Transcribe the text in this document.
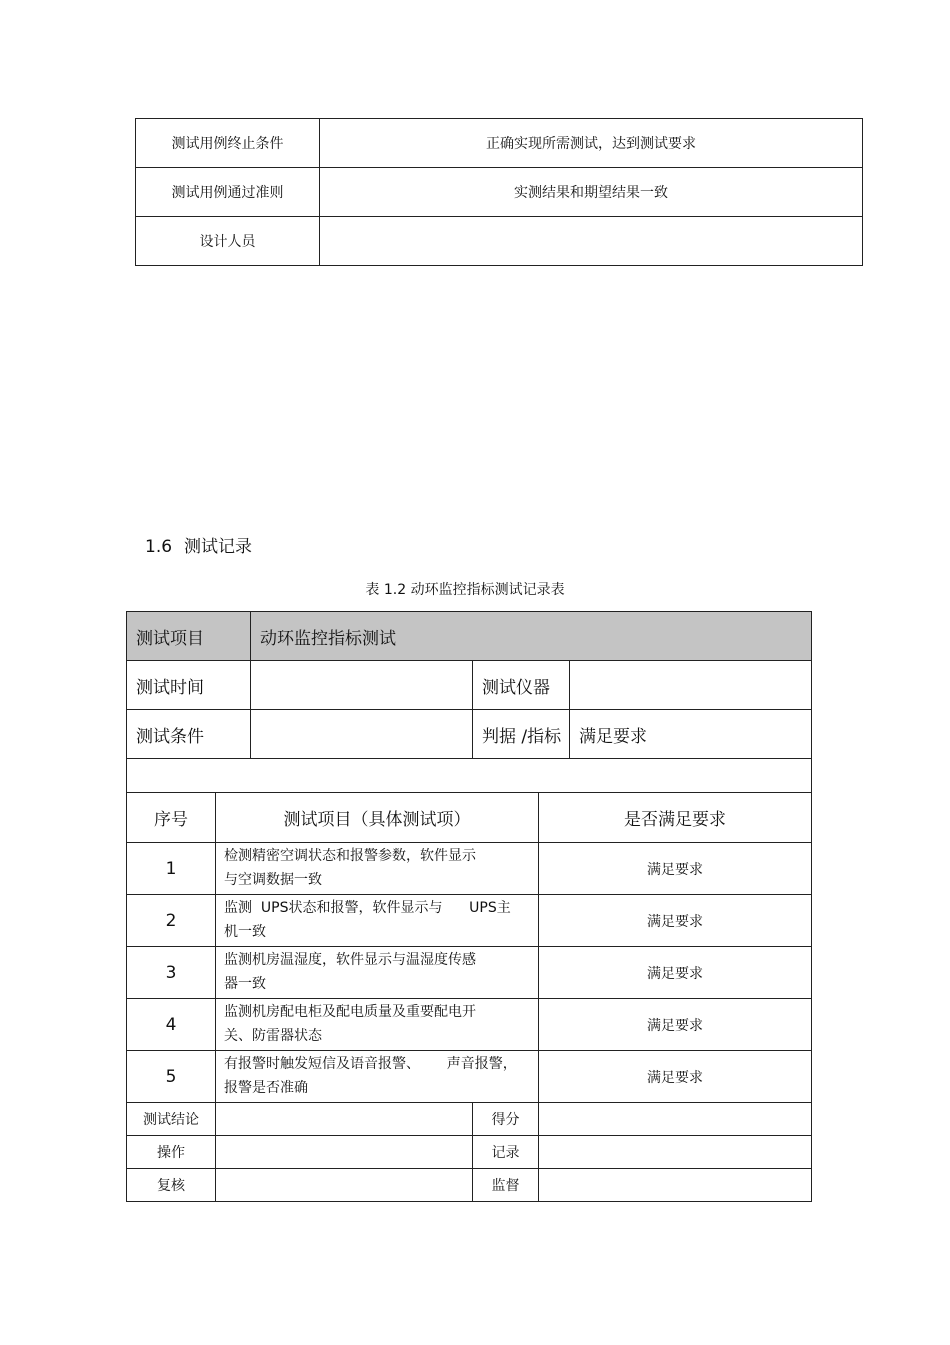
测试用例终止条件	正确实现所需测试，达到测试要求
测试用例通过准则	实测结果和期望结果一致
设计人员	
1.6 测试记录
表 1.2 动环监控指标测试记录表
测试项目		动环监控指标测试			
测试时间			测试仪器		
测试条件			判据 /指标		满足要求

序号	测试项目（具体测试项）			是否满足要求	
1	检测精密空调状态和报警参数，软件显示
与空调数据一致			满足要求	
2	监测  UPS状态和报警，软件显示与      UPS主
机一致			满足要求	
3	监测机房温湿度，软件显示与温湿度传感
器一致			满足要求	
4	监测机房配电柜及配电质量及重要配电开
关、防雷器状态			满足要求	
5	有报警时触发短信及语音报警、      声音报警，
报警是否准确			满足要求	
测试结论			得分		
操作			记录		
复核			监督		
